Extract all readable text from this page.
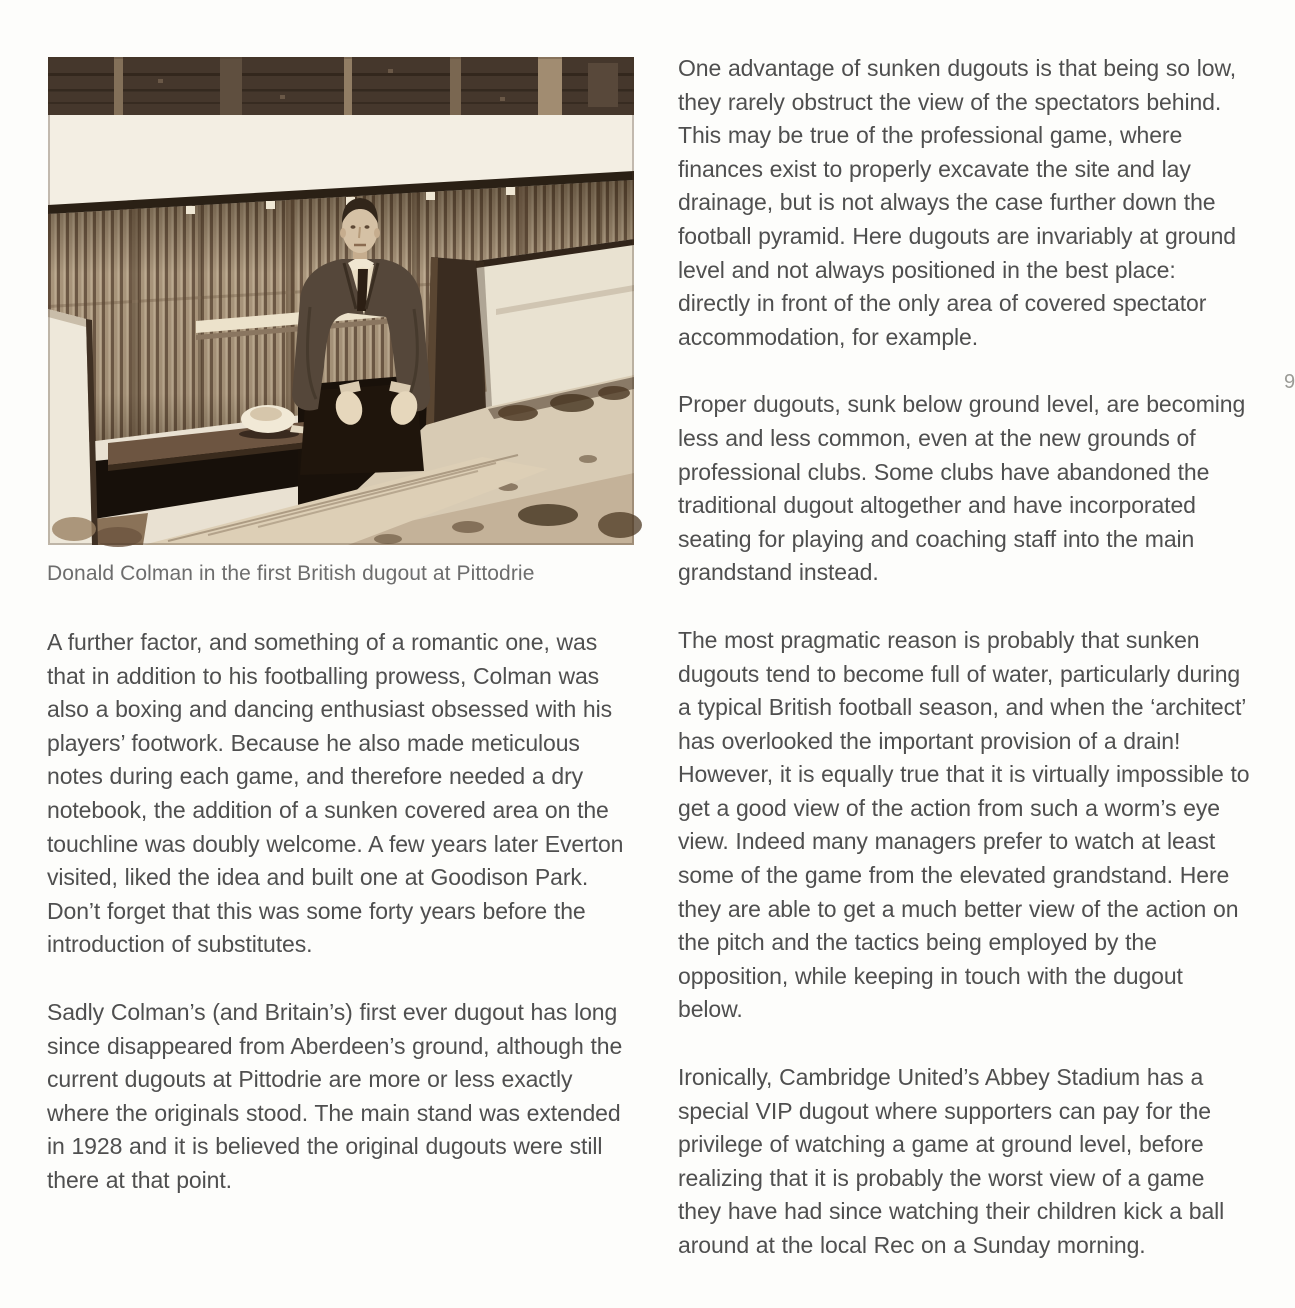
Donald Colman in the first British dugout at Pittodrie

A further factor, and something of a romantic one, was that in addition to his footballing prowess, Colman was also a boxing and dancing enthusiast obsessed with his players’ footwork. Because he also made meticulous notes during each game, and therefore needed a dry notebook, the addition of a sunken covered area on the touchline was doubly welcome. A few years later Everton visited, liked the idea and built one at Goodison Park. Don’t forget that this was some forty years before the introduction of substitutes.

Sadly Colman’s (and Britain’s) first ever dugout has long since disappeared from Aberdeen’s ground, although the current dugouts at Pittodrie are more or less exactly where the originals stood. The main stand was extended in 1928 and it is believed the original dugouts were still there at that point.

One advantage of sunken dugouts is that being so low, they rarely obstruct the view of the spectators behind. This may be true of the professional game, where finances exist to properly excavate the site and lay drainage, but is not always the case further down the football pyramid. Here dugouts are invariably at ground level and not always positioned in the best place: directly in front of the only area of covered spectator accommodation, for example.

Proper dugouts, sunk below ground level, are becoming less and less common, even at the new grounds of professional clubs. Some clubs have abandoned the traditional dugout altogether and have incorporated seating for playing and coaching staff into the main grandstand instead.

The most pragmatic reason is probably that sunken dugouts tend to become full of water, particularly during a typical British football season, and when the ‘architect’ has overlooked the important provision of a drain! However, it is equally true that it is virtually impossible to get a good view of the action from such a worm’s eye view. Indeed many managers prefer to watch at least some of the game from the elevated grandstand. Here they are able to get a much better view of the action on the pitch and the tactics being employed by the opposition, while keeping in touch with the dugout below.

Ironically, Cambridge United’s Abbey Stadium has a special VIP dugout where supporters can pay for the privilege of watching a game at ground level, before realizing that it is probably the worst view of a game they have had since watching their children kick a ball around at the local Rec on a Sunday morning.

9
